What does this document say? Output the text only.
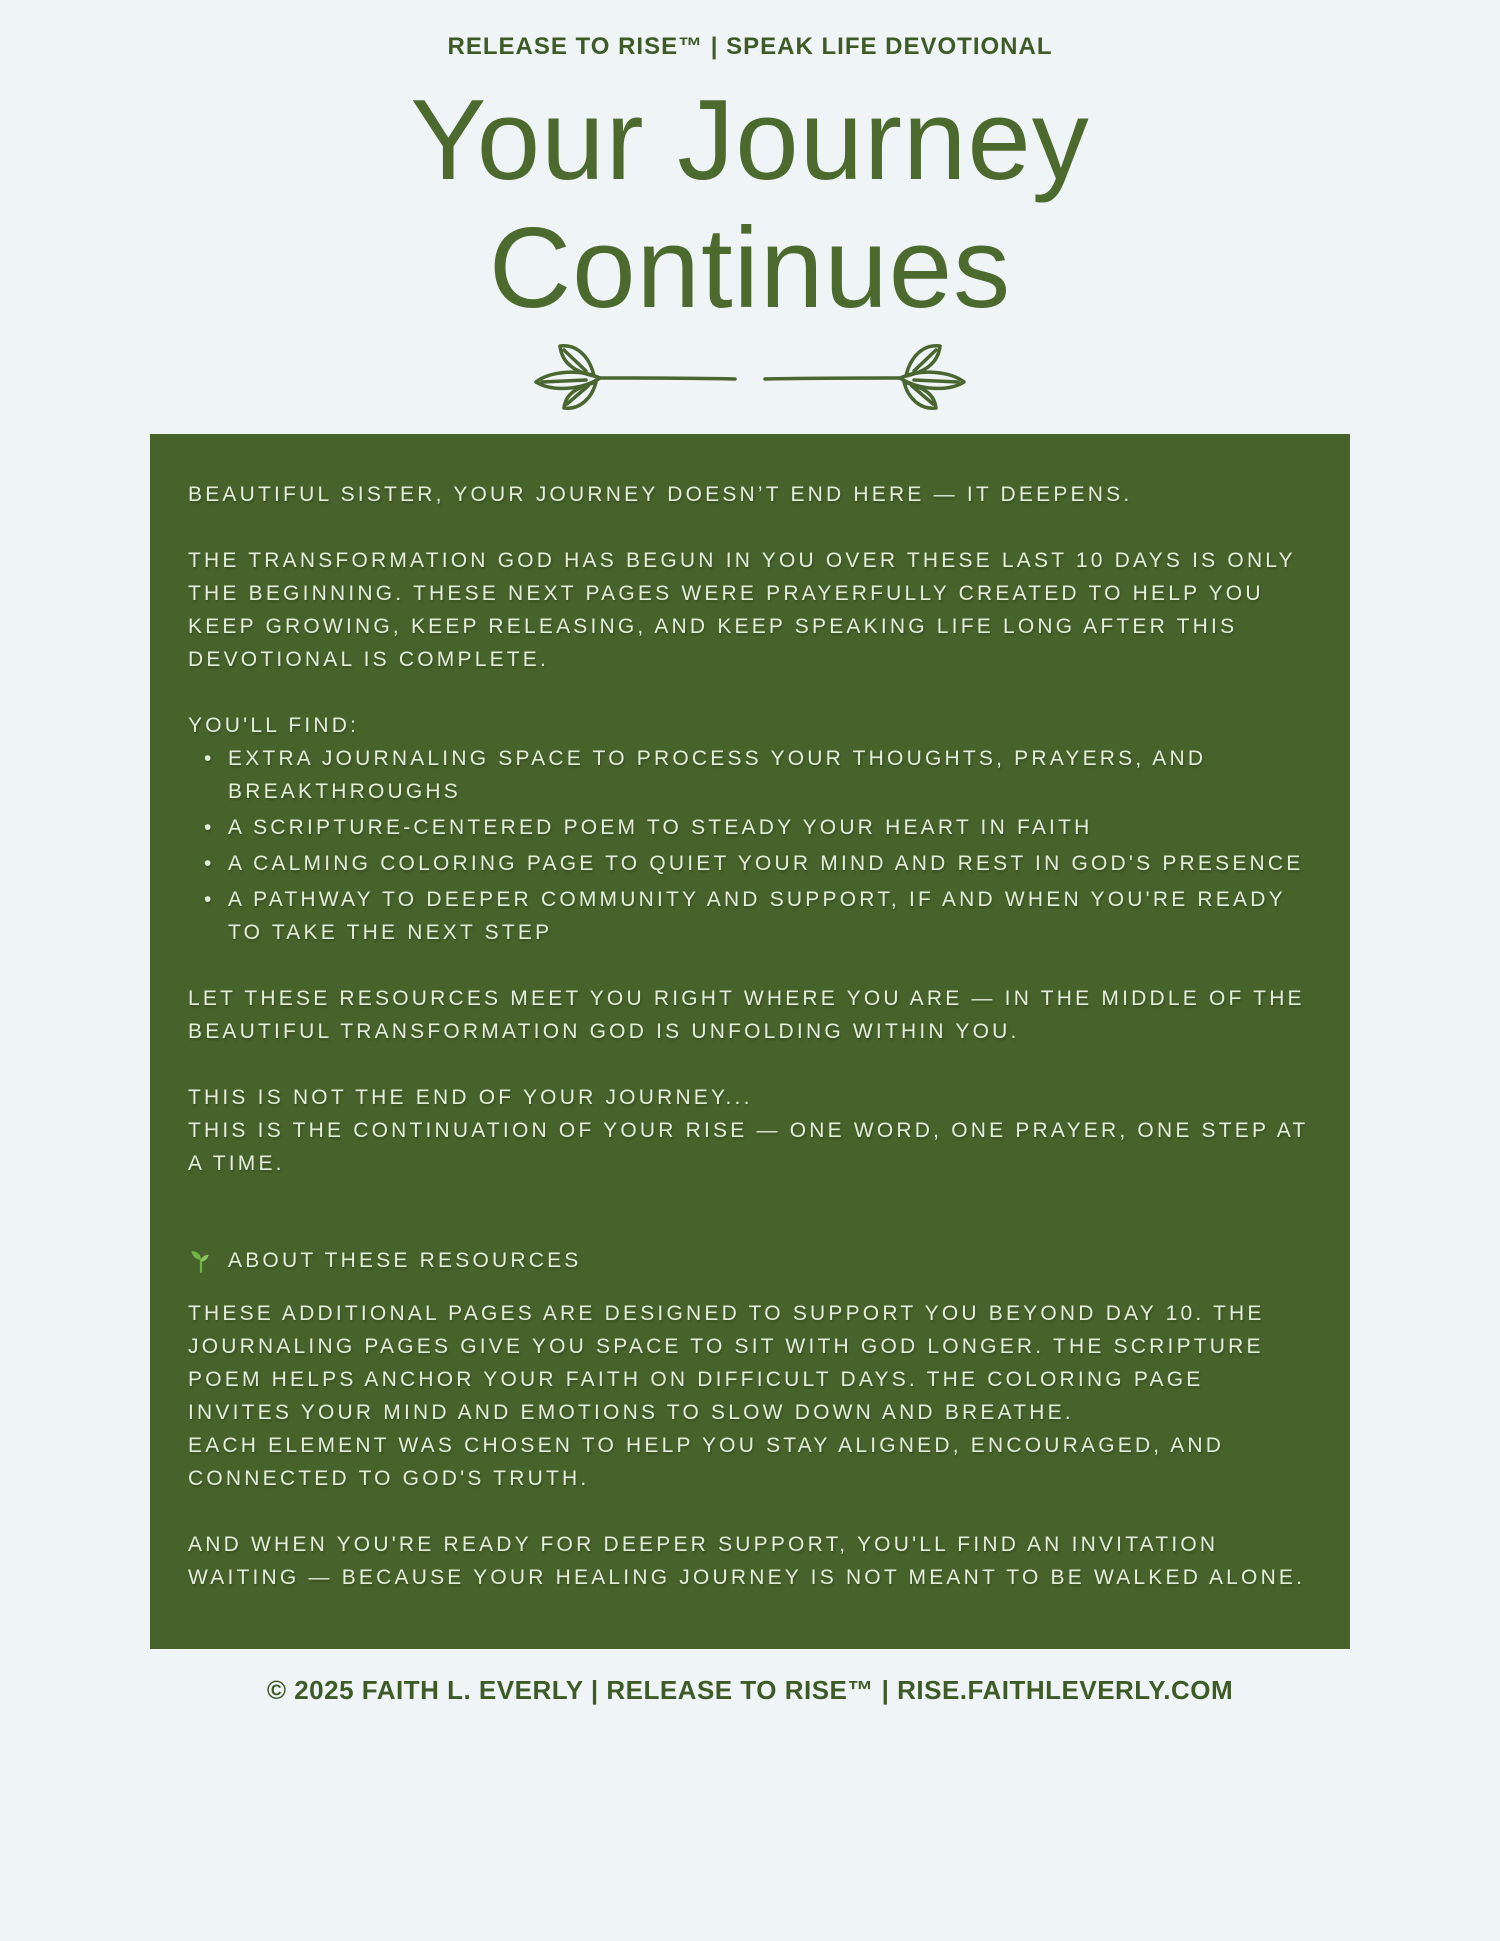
RELEASE TO RISE™ | SPEAK LIFE DEVOTIONAL
Your Journey
Continues

BEAUTIFUL SISTER, YOUR JOURNEY DOESN’T END HERE — IT DEEPENS.

THE TRANSFORMATION GOD HAS BEGUN IN YOU OVER THESE LAST 10 DAYS IS ONLY THE BEGINNING. THESE NEXT PAGES WERE PRAYERFULLY CREATED TO HELP YOU KEEP GROWING, KEEP RELEASING, AND KEEP SPEAKING LIFE LONG AFTER THIS DEVOTIONAL IS COMPLETE.

YOU'LL FIND:

• EXTRA JOURNALING SPACE TO PROCESS YOUR THOUGHTS, PRAYERS, AND BREAKTHROUGHS
• A SCRIPTURE-CENTERED POEM TO STEADY YOUR HEART IN FAITH
• A CALMING COLORING PAGE TO QUIET YOUR MIND AND REST IN GOD'S PRESENCE
• A PATHWAY TO DEEPER COMMUNITY AND SUPPORT, IF AND WHEN YOU'RE READY TO TAKE THE NEXT STEP

LET THESE RESOURCES MEET YOU RIGHT WHERE YOU ARE — IN THE MIDDLE OF THE BEAUTIFUL TRANSFORMATION GOD IS UNFOLDING WITHIN YOU.

THIS IS NOT THE END OF YOUR JOURNEY...
THIS IS THE CONTINUATION OF YOUR RISE — ONE WORD, ONE PRAYER, ONE STEP AT A TIME.

ABOUT THESE RESOURCES

THESE ADDITIONAL PAGES ARE DESIGNED TO SUPPORT YOU BEYOND DAY 10. THE JOURNALING PAGES GIVE YOU SPACE TO SIT WITH GOD LONGER. THE SCRIPTURE POEM HELPS ANCHOR YOUR FAITH ON DIFFICULT DAYS. THE COLORING PAGE INVITES YOUR MIND AND EMOTIONS TO SLOW DOWN AND BREATHE.
EACH ELEMENT WAS CHOSEN TO HELP YOU STAY ALIGNED, ENCOURAGED, AND CONNECTED TO GOD'S TRUTH.

AND WHEN YOU'RE READY FOR DEEPER SUPPORT, YOU'LL FIND AN INVITATION WAITING — BECAUSE YOUR HEALING JOURNEY IS NOT MEANT TO BE WALKED ALONE.

© 2025 FAITH L. EVERLY | RELEASE TO RISE™ | RISE.FAITHLEVERLY.COM
